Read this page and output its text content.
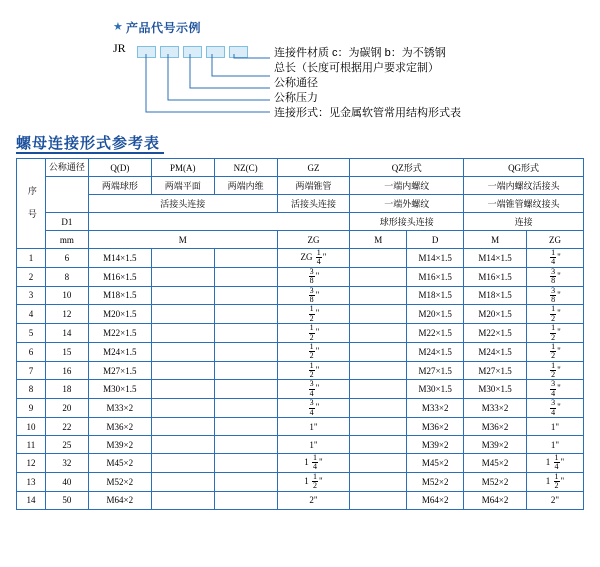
★ 产品代号示例
JR	连接件材质 c：为碳钢 b：为不锈钢
总长（长度可根据用户要求定制）
公称通径
公称压力
连接形式：见金属软管常用结构形式表
螺母连接形式参考表
序 号	公称通径	Q(D)	PM(A)	NZ(C)	GZ	QZ形式		QG形式	
		两端球形	两端平面	两端内维	两端锥管	一端内螺纹		一端内螺纹活接头	
		活接头连接			活接头连接	一端外螺纹		一端锥管螺纹接头	
	D1					球形接头连接		连接	
	mm	M			ZG	M	D	M	ZG
1	6	M14×1.5			ZG $\frac{1}{4}$ "		M14×1.5	M14×1.5	$\frac{1}{4}$ "
2	8	M16×1.5			$\frac{3}{8}$ "		M16×1.5	M16×1.5	$\frac{3}{8}$ "
3	10	M18×1.5			$\frac{3}{8}$ "		M18×1.5	M18×1.5	$\frac{3}{8}$ "
4	12	M20×1.5			$\frac{1}{2}$ "		M20×1.5	M20×1.5	$\frac{1}{2}$ "
5	14	M22×1.5			$\frac{1}{2}$ "		M22×1.5	M22×1.5	$\frac{1}{2}$ "
6	15	M24×1.5			$\frac{1}{2}$ "		M24×1.5	M24×1.5	$\frac{1}{2}$ "
7	16	M27×1.5			$\frac{1}{2}$ "		M27×1.5	M27×1.5	$\frac{1}{2}$ "
8	18	M30×1.5			$\frac{3}{4}$ "		M30×1.5	M30×1.5	$\frac{3}{4}$ "
9	20	M33×2			$\frac{3}{4}$ "		M33×2	M33×2	$\frac{3}{4}$ "
10	22	M36×2			1"		M36×2	M36×2	1"
11	25	M39×2			1"		M39×2	M39×2	1"
12	32	M45×2			$1 \frac{1}{4}$ "		M45×2	M45×2	$1 \frac{1}{4}$ "
13	40	M52×2			$1 \frac{1}{2}$ "		M52×2	M52×2	$1 \frac{1}{2}$ "
14	50	M64×2			2"		M64×2	M64×2	2"
